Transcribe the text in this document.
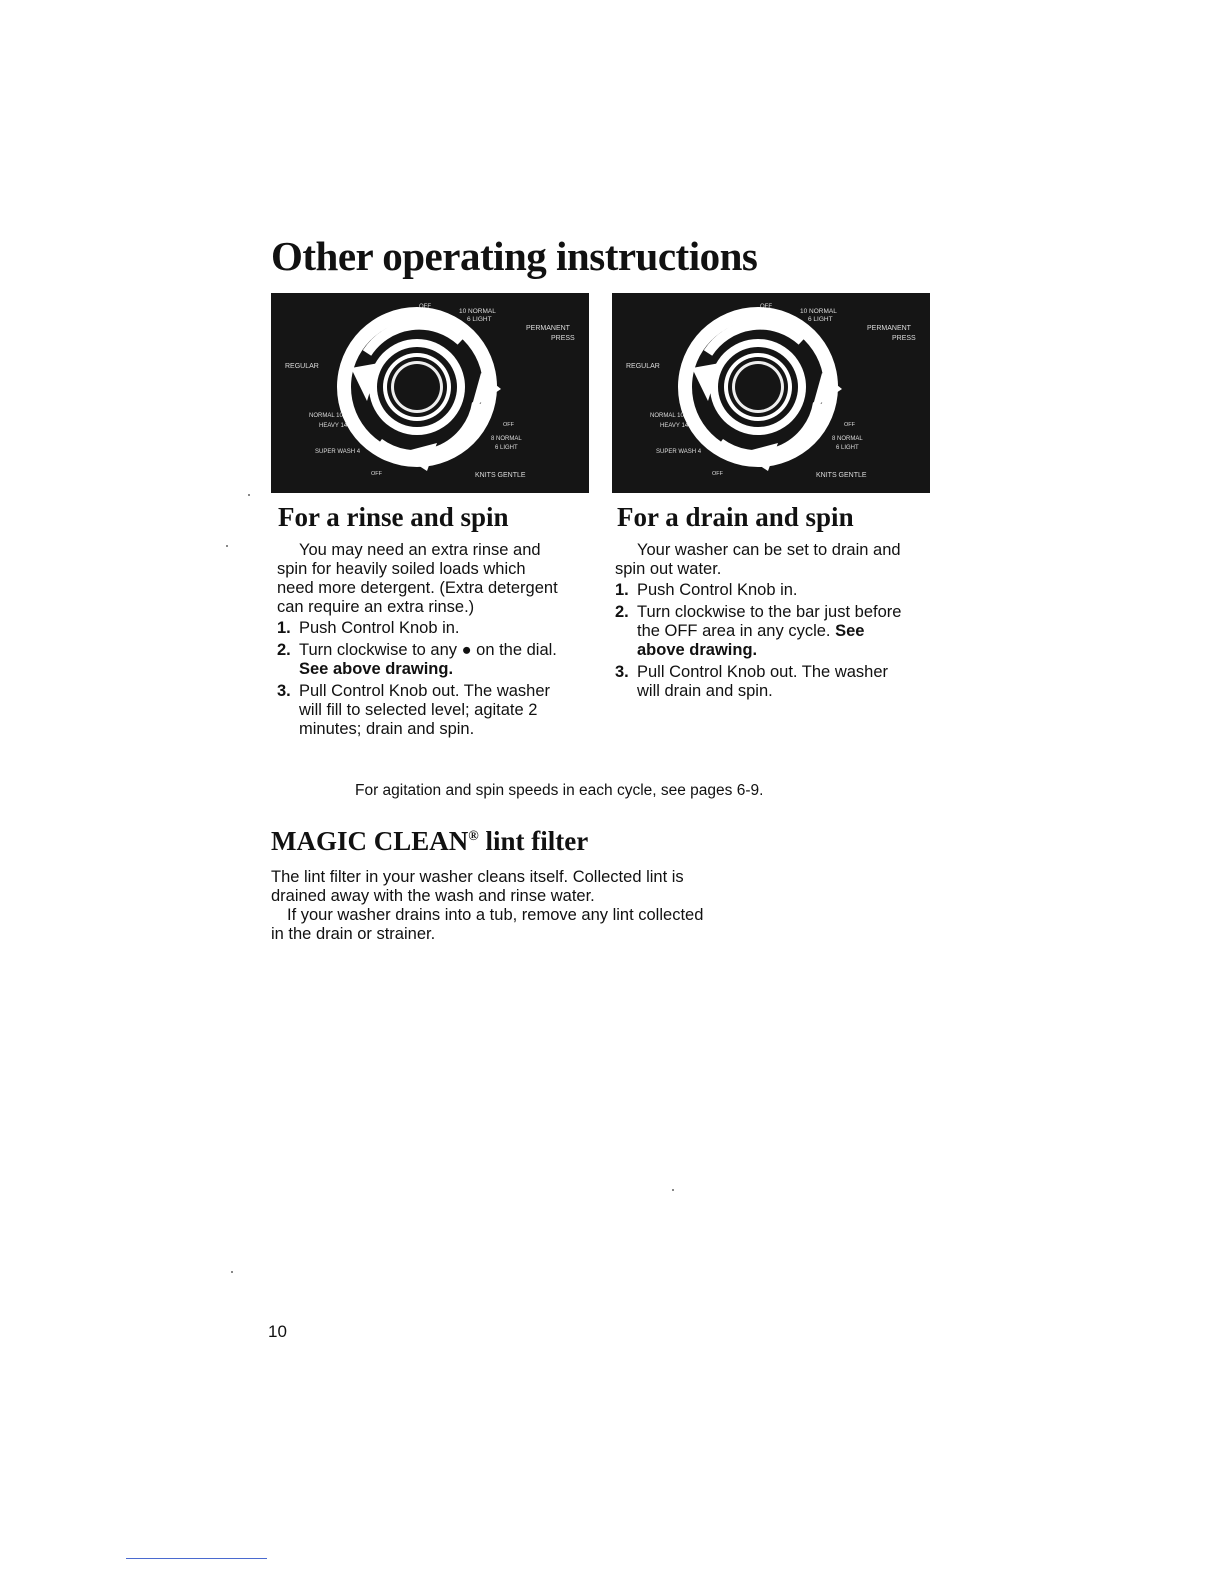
Other operating instructions
OFF
10 NORMAL
6 LIGHT
PERMANENT
PRESS
REGULAR
NORMAL 10
HEAVY 14
SUPER WASH 4
OFF
8 NORMAL
6 LIGHT
OFF	KNITS GENTLE
OFF
10 NORMAL
6 LIGHT
PERMANENT
PRESS
REGULAR
NORMAL 10
HEAVY 14
SUPER WASH 4
OFF
8 NORMAL
6 LIGHT
OFF	KNITS GENTLE
For a rinse and spin

You may need an extra rinse and

spin for heavily soiled loads which

need more detergent. (Extra detergent

can require an extra rinse.)

1. Push Control Knob in.
2. Turn clockwise to any ● on the dial.
See above drawing.
3. Pull Control Knob out. The washer
will fill to selected level; agitate 2
minutes; drain and spin.
For a drain and spin

Your washer can be set to drain and

spin out water.

1. Push Control Knob in.
2. Turn clockwise to the bar just before
the OFF area in any cycle. See
above drawing.
3. Pull Control Knob out. The washer
will drain and spin.
For agitation and spin speeds in each cycle, see pages 6-9.
MAGIC CLEAN® lint filter

The lint filter in your washer cleans itself. Collected lint is

drained away with the wash and rinse water.

If your washer drains into a tub, remove any lint collected

in the drain or strainer.

10
